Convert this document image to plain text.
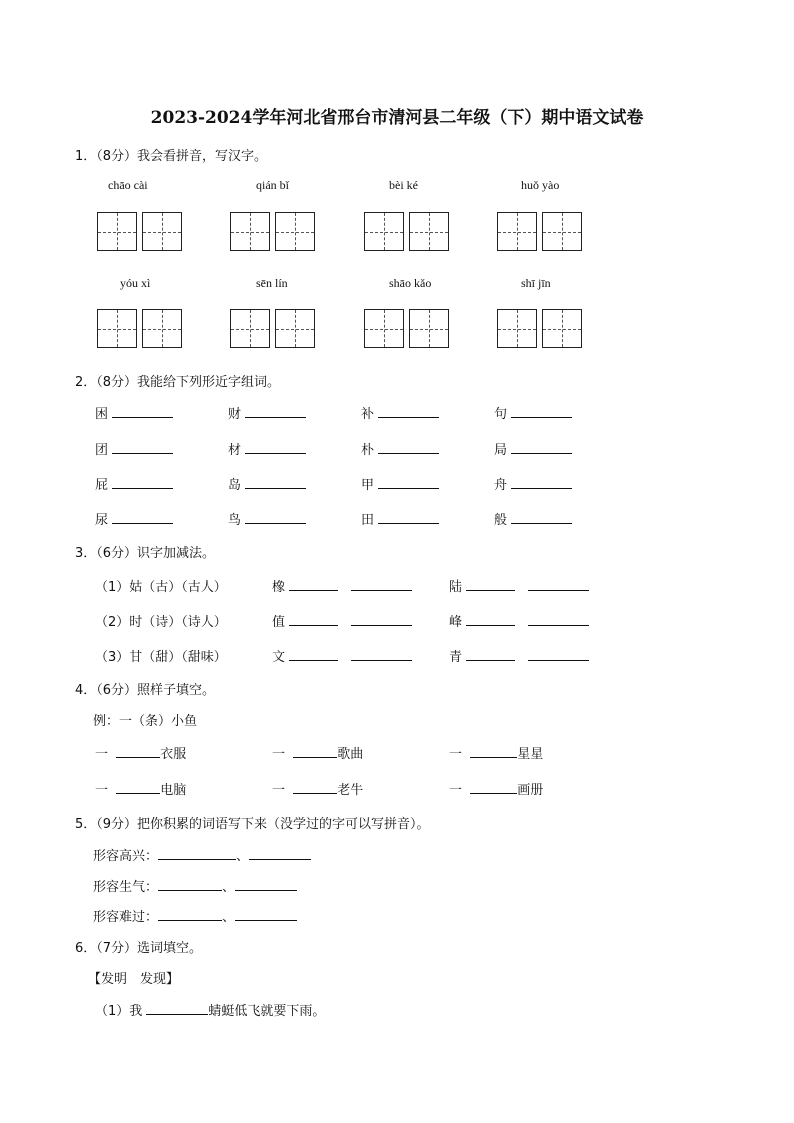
2023-2024学年河北省邢台市清河县二年级（下）期中语文试卷
1．（8分）我会看拼音，写汉字。
chāo cài	qián bǐ	bèi ké	huǒ yào
yóu xì	sēn lín	shāo kǎo	shī jīn
2．（8分）我能给下列形近字组词。
困	财	补	句
团	材	朴	局
屁	岛	甲	舟
尿	鸟	田	般
3．（6分）识字加减法。
（1）姑（古）（古人）	橡	陆
（2）时（诗）（诗人）	值	峰
（3）甘（甜）（甜味）	文	青
4．（6分）照样子填空。
例：一（条）小鱼
一	衣服	一	歌曲	一	星星
一	电脑	一	老牛	一	画册
5．（9分）把你积累的词语写下来（没学过的字可以写拼音）。
形容高兴：	、
形容生气：	、
形容难过：	、
6．（7分）选词填空。
【发明　发现】
（1）我	蜻蜓低飞就要下雨。
